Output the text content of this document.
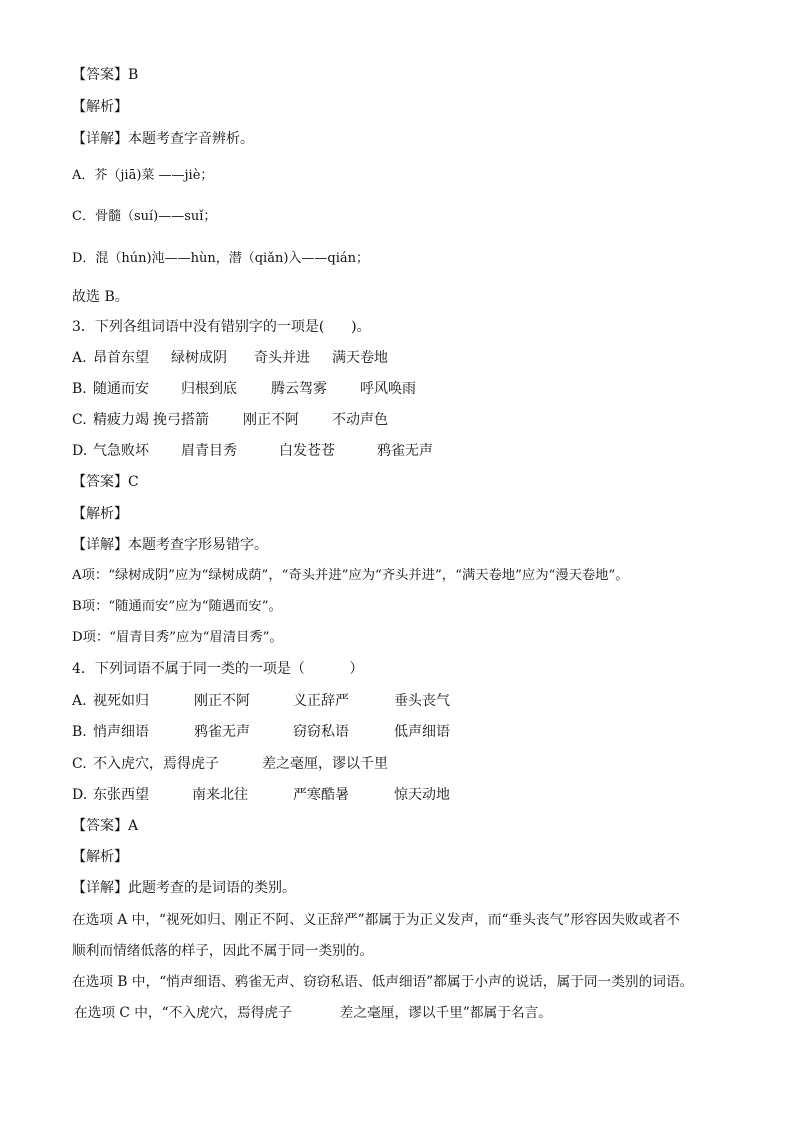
【答案】B
【解析】
【详解】本题考查字音辨析。
A．芥（jiā)菜 ——jiè；
C．骨髓（suí)——suǐ；
D．混（hún)沌——hùn，潜（qiǎn)入——qián；
故选 B。
3．下列各组词语中没有错别字的一项是(      )。
A. 昂首东望 绿树成阴 奇头并进 满天卷地
B. 随通而安 归根到底 腾云驾雾 呼风唤雨
C. 精疲力竭 挽弓搭箭 刚正不阿 不动声色
D. 气急败坏 眉青目秀	白发苍苍	鸦雀无声
【答案】C
【解析】
【详解】本题考查字形易错字。
A项：“绿树成阴”应为“绿树成荫”，“奇头并进”应为“齐头并进”，“满天卷地”应为“漫天卷地”。
B项：“随通而安”应为“随遇而安”。
D项：“眉青目秀”应为“眉清目秀”。
4．下列词语不属于同一类的一项是（          ）
A. 视死如归	刚正不阿	义正辞严	垂头丧气
B. 悄声细语	鸦雀无声	窃窃私语	低声细语
C. 不入虎穴，焉得虎子	差之毫厘，谬以千里
D. 东张西望	南来北往	严寒酷暑	惊天动地
【答案】A
【解析】
【详解】此题考查的是词语的类别。
在选项 A 中，“视死如归、刚正不阿、义正辞严”都属于为正义发声，而“垂头丧气”形容因失败或者不
顺利而情绪低落的样子，因此不属于同一类别的。
在选项 B 中，“悄声细语、鸦雀无声、窃窃私语、低声细语”都属于小声的说话，属于同一类别的词语。
在选项 C 中，“不入虎穴，焉得虎子           差之毫厘，谬以千里”都属于名言。
